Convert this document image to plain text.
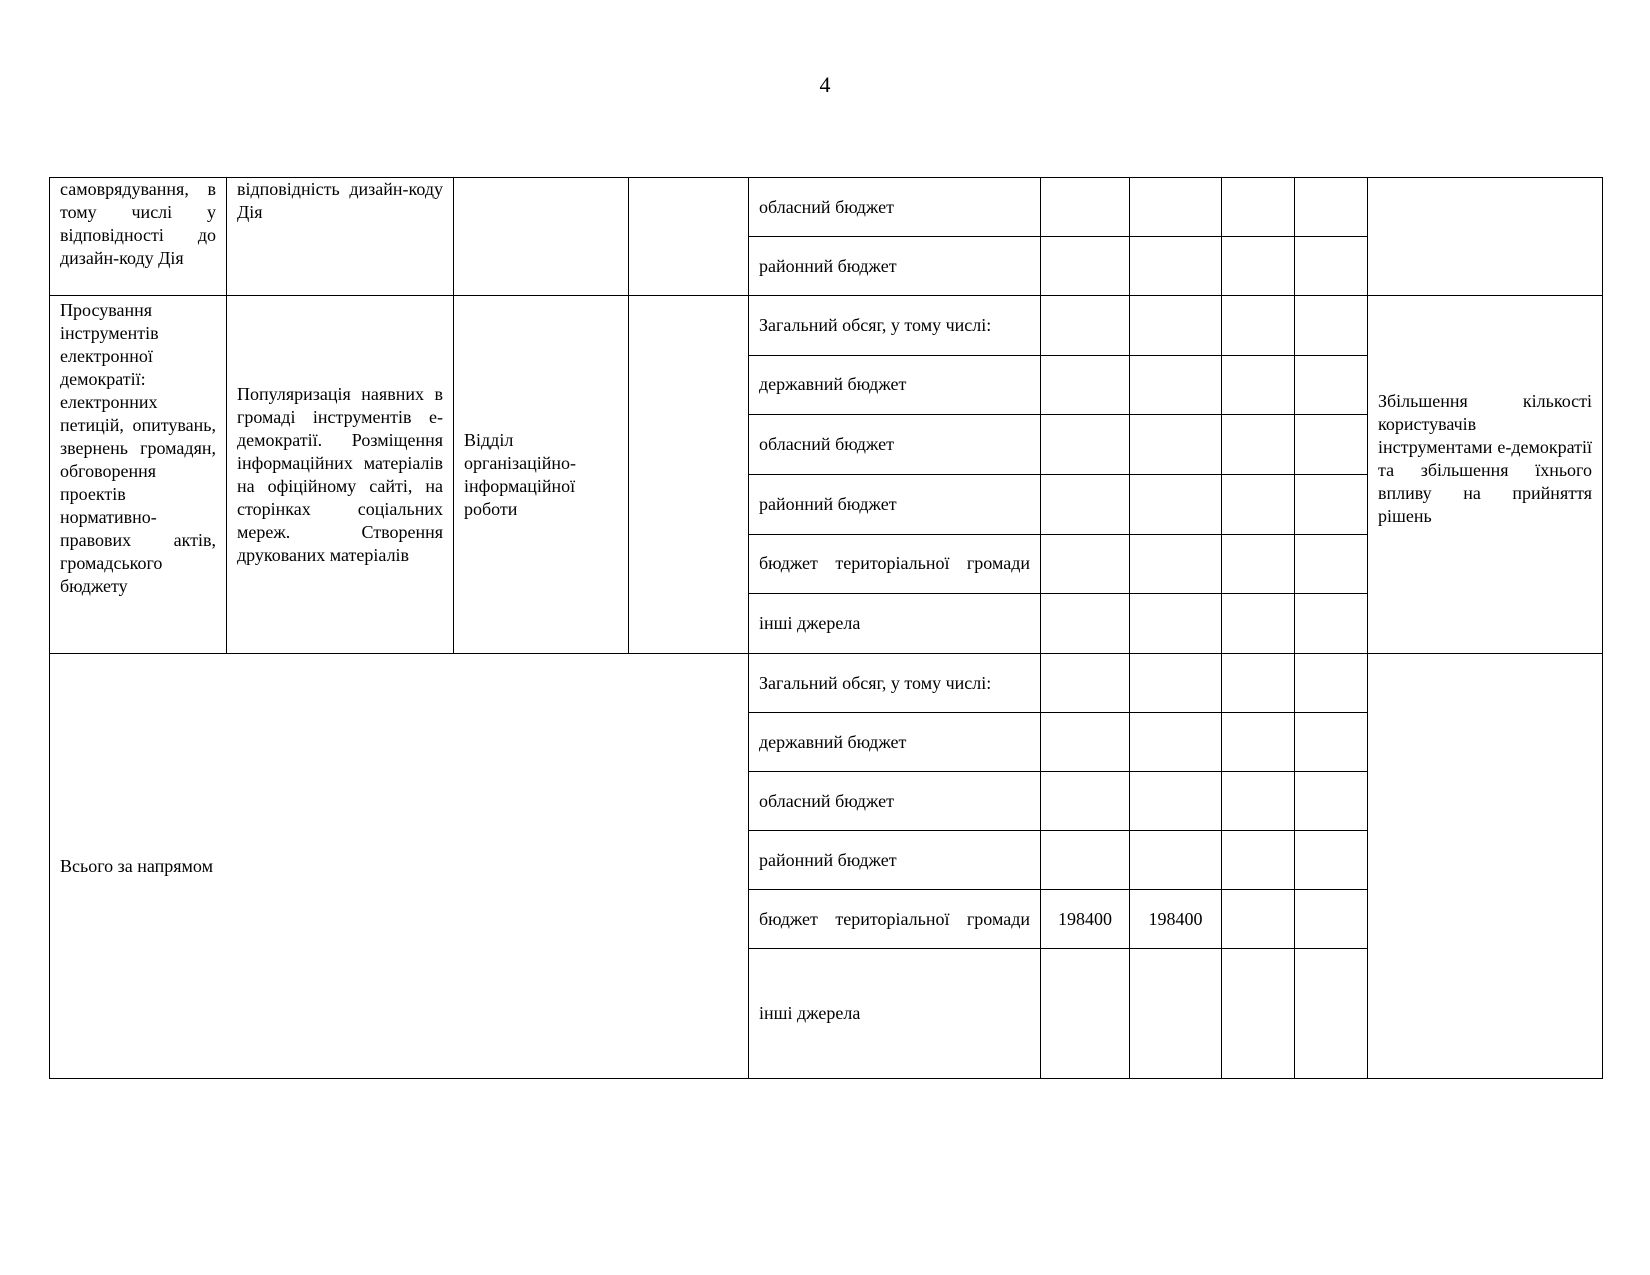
4
самоврядування, в тому числі у відповідності до дизайн-коду Дія	відповідність дизайн-коду Дія			обласний бюджет					
				районний бюджет					

Просування інструментів електронної демократії: електронних петицій, опитувань, звернень громадян, обговорення проектів нормативно-правових актів, громадського бюджету	Популяризація наявних в громаді інструментів е-демократії. Розміщення інформаційних матеріалів на офіційному сайті, на сторінках соціальних мереж. Створення друкованих матеріалів	Відділ організаційно-інформаційної роботи		Загальний обсяг, у тому числі:					Збільшення кількості користувачів інструментами е-демократії та збільшення їхнього впливу на прийняття рішень
				державний бюджет					
				обласний бюджет					
				районний бюджет					
				бюджет територіальної громади					
				інші джерела					
Всього за напрямом				Загальний обсяг, у тому числі:					
				державний бюджет					
				обласний бюджет					
				районний бюджет					
				бюджет територіальної громади	198400	198400			
				інші джерела					
